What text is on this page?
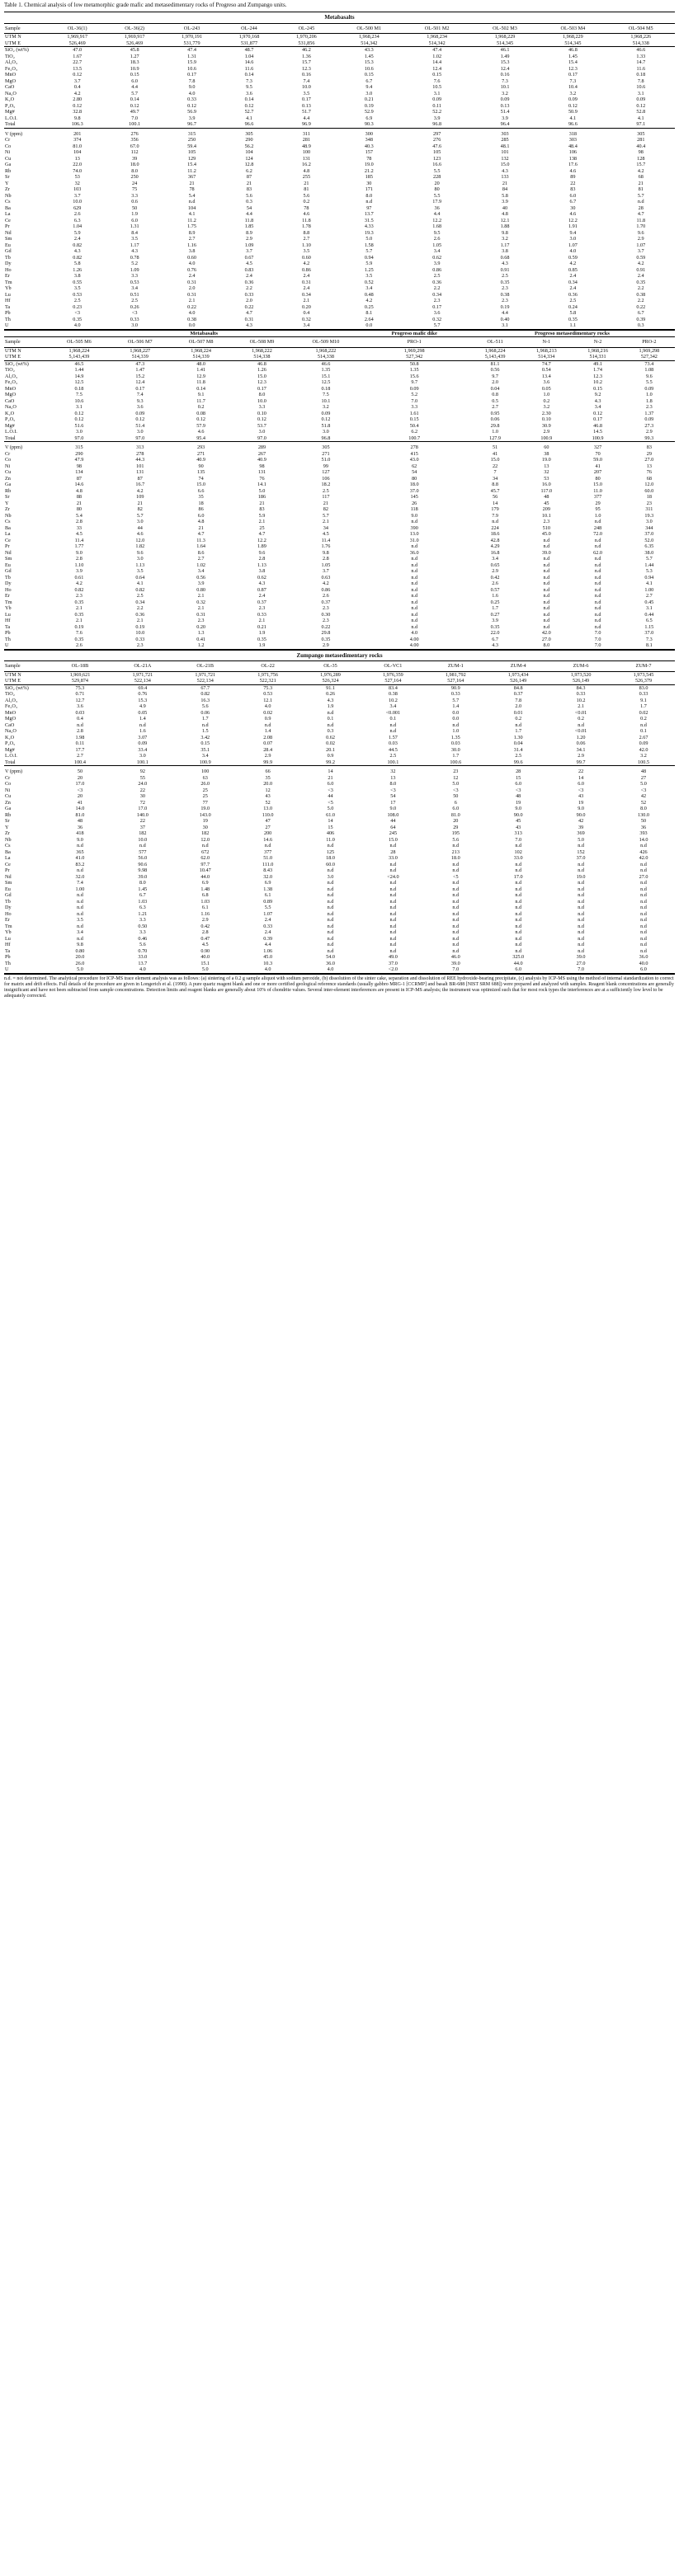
Table 1. Chemical analysis of low metamorphic grade mafic and metasedimentary rocks of Progreso and Zumpango units.
Metabasalts										
Sample	OL-36(1)	OL-36(2)	OL-243	OL-244	OL-245	OL-500 M1	OL-501 M2	OL-502 M3	OL-503 M4	OL-504 M5
UTM N	1,969,917	1,969,917	1,970,191	1,970,168	1,970,206	1,968,234	1,968,234	1,968,229	1,968,229	1,968,226
UTM E	526,469	526,469	531,779	531,877	531,856	514,342	514,342	514,345	514,345	514,338
SiO₂ (wt%)	47.0	45.8	47.4	48.7	46.2	43.3	47.4	46.1	46.8	46.6
TiO₂	1.67	1.27	1.31	1.04	1.36	1.45	1.02	1.49	1.45	1.33
Al₂O₃	22.7	18.3	15.9	14.6	15.7	15.3	14.4	15.3	15.4	14.7
Fe₂O₃	13.5	10.9	10.6	11.6	12.3	10.6	12.4	12.4	12.3	11.6
MnO	0.12	0.15	0.17	0.14	0.16	0.15	0.15	0.16	0.17	0.18
MgO	3.7	6.0	7.8	7.3	7.4	6.7	7.6	7.3	7.3	7.8
CaO	0.4	4.4	9.0	9.5	10.0	9.4	10.5	10.1	10.4	10.6
Na₂O	4.2	5.7	4.0	3.6	3.5	3.0	3.1	3.2	3.2	3.1
K₂O	2.80	0.14	0.33	0.14	0.17	0.21	0.09	0.09	0.09	0.09
P₂O₅	0.12	0.12	0.12	0.12	0.13	0.19	0.11	0.13	0.12	0.12
Mg#	32.8	49.7	56.9	52.7	51.7	52.9	52.2	51.4	50.9	52.8
L.O.I.	9.8	7.0	3.9	4.1	4.4	6.9	3.9	3.9	4.1	4.1
Total	106.3	100.1	96.7	96.6	96.9	90.3	96.8	96.4	96.6	97.1

V (ppm)	201	276	315	305	311	300	297	303	318	305
Cr	374	356	250	290	281	348	276	285	303	281
Co	81.0	67.0	59.4	56.2	48.9	40.3	47.6	48.1	48.4	40.4
Ni	104	112	105	104	100	157	105	101	106	98
Cu	13	39	129	124	131	78	123	132	138	128
Ga	22.0	18.0	15.4	12.8	16.2	19.0	16.6	15.0	17.6	15.7
Rb	74.0	8.0	11.2	6.2	4.8	21.2	5.5	4.3	4.6	4.2
Sr	53	250	367	87	255	185	228	133	89	68
Y	32	24	21	21	21	30	20	21	22	21
Zr	103	75	78	83	81	171	80	84	83	81
Nb	3.7	3.3	5.4	5.6	5.6	8.0	5.5	5.8	6.0	5.7
Cs	10.0	0.6	n.d	0.3	0.2	n.d	17.9	3.9	6.7	n.d
Ba	629	50	104	54	78	97	36	40	30	28
La	2.6	1.9	4.1	4.4	4.6	13.7	4.4	4.8	4.6	4.7
Ce	6.3	6.0	11.2	11.8	11.8	31.5	12.2	12.1	12.2	11.8
Pr	1.04	1.31	1.75	1.85	1.78	4.33	1.68	1.88	1.91	1.70
Nd	5.9	8.4	8.9	8.9	8.8	19.3	9.5	9.8	9.4	9.6
Sm	2.4	3.5	2.7	2.9	2.7	5.0	2.6	3.2	3.0	2.9
Eu	0.82	1.17	1.16	1.09	1.10	1.58	1.05	1.17	1.07	1.07
Gd	4.3	4.3	3.8	3.7	3.5	5.7	3.4	3.8	4.0	3.7
Tb	0.82	0.78	0.60	0.67	0.60	0.94	0.62	0.68	0.59	0.59
Dy	5.8	5.2	4.0	4.5	4.2	5.9	3.9	4.3	4.2	4.2
Ho	1.26	1.09	0.76	0.83	0.86	1.25	0.86	0.91	0.85	0.91
Er	3.8	3.3	2.4	2.4	2.4	3.5	2.5	2.5	2.4	2.4
Tm	0.55	0.53	0.31	0.36	0.31	0.52	0.36	0.35	0.34	0.35
Yb	3.5	3.4	2.0	2.2	2.4	3.4	2.2	2.3	2.4	2.2
Lu	0.53	0.51	0.31	0.33	0.34	0.48	0.34	0.38	0.36	0.38
Hf	2.5	2.5	2.1	2.0	2.1	4.2	2.3	2.3	2.5	2.2
Ta	0.23	0.26	0.22	0.22	0.20	0.25	0.17	0.19	0.24	0.22
Pb	<3	<3	4.0	4.7	0.4	8.1	3.6	4.4	5.8	6.7
Th	0.35	0.33	0.38	0.31	0.32	2.64	0.32	0.40	0.35	0.39
U	4.0	3.0	0.0	4.3	3.4	0.0	5.7	3.1	1.1	0.3
	Metabasalts					Progreso mafic dike	Progreso metasedimentary rocks			
Sample	OL-505 M6	OL-506 M7	OL-507 M8	OL-508 M9	OL-509 M10	PRO-1	OL-511	N-1	N-2	PRO-2
UTM N	1,968,224	1,968,227	1,968,224	1,968,222	1,968,222	1,969,298	1,968,224	1,968,213	1,968,216	1,969,298
UTM E	5,143,439	514,339	514,339	514,338	514,338	527,342	5,143,439	514,334	514,331	527,342
SiO₂ (wt%)	46.5	47.3	48.0	46.8	46.6	50.8	81.1	74.7	49.1	73.4
TiO₂	1.44	1.47	1.41	1.26	1.35	1.35	0.56	0.54	1.74	1.08
Al₂O₃	14.9	15.2	12.9	15.0	15.1	15.6	9.7	13.4	12.3	9.6
Fe₂O₃	12.5	12.4	11.8	12.3	12.5	9.7	2.0	3.6	10.2	5.5
MnO	0.18	0.17	0.14	0.17	0.18	0.09	0.04	0.05	0.15	0.09
MgO	7.5	7.4	9.1	8.0	7.5	5.2	0.8	1.0	9.2	1.0
CaO	10.6	9.3	11.7	10.0	10.1	7.0	0.5	0.2	4.3	1.8
Na₂O	3.1	3.6	0.2	3.3	3.2	3.3	2.7	3.2	3.4	2.3
K₂O	0.12	0.09	0.08	0.10	0.09	1.61	0.95	2.30	0.12	1.37
P₂O₅	0.12	0.12	0.12	0.12	0.12	0.15	0.06	0.10	0.17	0.09
Mg#	51.6	51.4	57.9	53.7	51.8	50.4	29.8	30.9	46.8	27.3
L.O.I.	3.0	3.0	4.6	3.0	3.0	6.2	1.0	2.9	14.5	2.9
Total	97.0	97.0	95.4	97.0	96.8	100.7	127.9	100.9	100.9	99.3

V (ppm)	315	313	293	289	305	278	51	60	327	83
Cr	290	278	271	267	271	415	41	38	70	29
Co	47.9	44.3	40.9	40.9	51.0	43.0	15.0	19.0	59.0	27.0
Ni	98	101	90	98	99	62	22	13	41	13
Cu	134	131	135	131	127	54	7	32	207	76
Zn	87	87	74	76	106	80	34	53	80	68
Ga	14.6	16.7	15.0	14.1	18.2	18.0	8.8	16.0	15.0	12.0
Rb	4.8	4.2	6.6	5.0	2.5	37.0	45.7	117.0	11.0	60.0
Sr	88	109	35	186	117	145	56	48	377	18
Y	21	21	18	21	21	26	14	45	29	23
Zr	80	82	86	83	82	118	179	209	95	311
Nb	5.4	5.7	6.0	5.9	5.7	9.0	7.9	10.1	1.0	19.3
Cs	2.8	3.0	4.8	2.1	2.1	n.d	n.d	2.3	n.d	3.0
Ba	33	44	21	25	34	390	224	510	248	344
La	4.5	4.6	4.7	4.7	4.5	13.0	18.6	45.0	72.0	37.0
Ce	11.4	12.0	11.3	12.2	11.4	31.0	42.8	n.d	n.d	52.0
Pr	1.77	1.82	1.64	1.89	1.76	n.d	4.29	n.d	n.d	6.35
Nd	9.0	9.6	8.6	9.6	9.8	36.0	16.8	39.0	62.0	38.0
Sm	2.8	3.0	2.7	2.8	2.8	n.d	3.4	n.d	n.d	5.7
Eu	1.10	1.13	1.02	1.13	1.05	n.d	0.65	n.d	n.d	1.44
Gd	3.9	3.5	3.4	3.8	3.7	n.d	2.9	n.d	n.d	5.3
Tb	0.61	0.64	0.56	0.62	0.63	n.d	0.42	n.d	n.d	0.94
Dy	4.2	4.1	3.9	4.3	4.2	n.d	2.6	n.d	n.d	4.1
Ho	0.82	0.82	0.80	0.87	0.86	n.d	0.57	n.d	n.d	1.00
Er	2.3	2.5	2.1	2.4	2.6	n.d	1.6	n.d	n.d	2.7
Tm	0.35	0.34	0.32	0.37	0.37	n.d	0.25	n.d	n.d	0.45
Yb	2.1	2.2	2.1	2.3	2.3	n.d	1.7	n.d	n.d	3.1
Lu	0.35	0.36	0.31	0.33	0.30	n.d	0.27	n.d	n.d	0.44
Hf	2.1	2.1	2.3	2.1	2.3	n.d	3.9	n.d	n.d	6.5
Ta	0.19	0.19	0.20	0.21	0.22	n.d	0.35	n.d	n.d	1.15
Pb	7.6	10.0	1.3	1.9	29.8	4.0	22.0	42.0	7.0	37.0
Th	0.35	0.33	0.41	0.35	0.35	4.00	6.7	27.0	7.0	7.3
U	2.6	2.3	1.2	1.9	2.9	4.00	4.3	8.0	7.0	8.1
Zumpango metasedimentary rocks										
Sample	OL-18B	OL-21A	OL-21B	OL-22	OL-35	OL-VC1	ZUM-1	ZUM-4	ZUM-6	ZUM-7
UTM N	1,969,621	1,971,721	1,971,721	1,971,756	1,976,289	1,976,359	1,981,792	1,973,434	1,973,520	1,973,545
UTM E	529,874	522,134	522,134	522,321	526,324	527,164	527,164	526,149	526,149	526,379
SiO₂ (wt%)	75.3	69.4	67.7	75.3	91.1	83.4	90.9	84.8	84.3	83.0
TiO₂	0.71	0.76	0.82	0.53	0.26	0.38	0.33	0.37	0.33	0.33
Al₂O₃	12.7	15.3	16.3	12.1	4.3	10.2	5.7	7.8	10.2	9.1
Fe₂O₃	3.6	4.9	5.6	4.0	1.9	3.4	1.4	2.0	2.1	1.7
MnO	0.03	0.05	0.06	0.02	n.d	<0.001	0.0	0.01	<0.01	0.02
MgO	0.4	1.4	1.7	0.9	0.1	0.1	0.0	0.2	0.2	0.2
CaO	n.d	n.d	n.d	n.d	n.d	n.d	n.d	n.d	n.d	n.d
Na₂O	2.8	1.6	1.5	1.4	0.3	n.d	1.0	1.7	<0.01	0.1
K₂O	1.98	3.07	3.42	2.08	0.62	1.57	1.35	1.30	1.20	2.67
P₂O₅	0.11	0.09	0.15	0.07	0.02	0.03	0.03	0.04	0.06	0.09
Mg#	17.7	33.4	35.1	28.4	20.1	44.5	30.0	31.4	34.1	42.0
L.O.I.	2.7	3.0	3.4	2.9	0.9	2.5	1.7	2.5	2.9	3.2
Total	100.4	100.1	100.9	99.9	99.2	100.1	100.6	99.6	99.7	100.5

V (ppm)	50	92	100	66	14	32	23	28	22	48
Cr	20	55	63	35	21	13	12	15	14	27
Co	17.0	24.0	26.0	20.0	6.0	8.0	5.0	6.0	6.0	5.0
Ni	<3	22	25	12	<3	<3	<3	<3	<3	<3
Cu	20	30	25	43	44	54	50	48	43	42
Zn	41	72	77	52	<5	17	6	19	19	52
Ga	14.0	17.0	19.0	13.0	5.0	9.0	6.0	9.0	9.0	8.0
Rb	81.0	140.0	143.0	110.0	61.0	108.0	81.0	90.0	90.0	130.0
Sr	48	22	19	47	14	44	20	45	42	50
Y	36	37	30	27	15	64	29	43	39	36
Zr	418	182	182	200	406	245	195	313	369	393
Nb	9.0	10.0	12.0	14.6	11.0	15.0	5.6	7.0	5.0	14.0
Cs	n.d	n.d	n.d	n.d	n.d	n.d	n.d	n.d	n.d	n.d
Ba	365	577	672	377	125	28	213	102	152	426
La	41.0	56.0	62.0	51.0	18.0	33.0	18.0	33.0	37.0	42.0
Ce	83.2	90.6	97.7	111.0	60.0	n.d	n.d	n.d	n.d	n.d
Pr	n.d	9.98	10.47	8.43	n.d	n.d	n.d	n.d	n.d	n.d
Nd	32.0	39.0	44.0	32.0	3.0	<24.0	<5	17.0	19.0	27.0
Sm	7.4	8.0	6.9	6.9	n.d	n.d	n.d	n.d	n.d	n.d
Eu	1.00	1.45	1.48	1.38	n.d	n.d	n.d	n.d	n.d	n.d
Gd	n.d	6.7	6.8	6.1	n.d	n.d	n.d	n.d	n.d	n.d
Tb	n.d	1.03	1.03	0.89	n.d	n.d	n.d	n.d	n.d	n.d
Dy	n.d	6.3	6.1	5.5	n.d	n.d	n.d	n.d	n.d	n.d
Ho	n.d	1.21	1.16	1.07	n.d	n.d	n.d	n.d	n.d	n.d
Er	3.5	3.3	2.9	2.4	n.d	n.d	n.d	n.d	n.d	n.d
Tm	n.d	0.50	0.42	0.33	n.d	n.d	n.d	n.d	n.d	n.d
Yb	3.4	3.3	2.8	2.4	n.d	n.d	n.d	n.d	n.d	n.d
Lu	n.d	0.46	0.47	0.39	n.d	n.d	n.d	n.d	n.d	n.d
Hf	9.8	5.6	4.5	4.4	n.d	n.d	n.d	n.d	n.d	n.d
Ta	0.80	0.70	0.90	1.06	n.d	n.d	n.d	n.d	n.d	n.d
Pb	20.0	33.0	40.0	45.0	54.0	49.0	46.0	325.0	39.0	36.0
Th	26.0	13.7	15.1	10.3	36.0	37.0	39.0	44.0	27.0	40.0
U	5.0	4.0	5.0	4.0	4.0	<2.0	7.0	6.0	7.0	6.0
n.d. = not determined. The analytical procedure for ICP-MS trace element analysis was as follows: (a) sintering of a 0.2 g sample aliquot with sodium peroxide, (b) dissolution of the sinter cake, separation and dissolution of REE hydroxide-bearing precipitate, (c) analysis by ICP-MS using the method of internal standardization to correct for matrix and drift effects. Full details of the procedure are given in Longerich et al. (1990). A pure quartz reagent blank and one or more certified geological reference standards (usually gabbro MRG-1 [CCRMP] and basalt BR-688 [NIST SRM 688]) were prepared and analyzed with samples. Reagent blank concentrations are generally insignificant and have not been subtracted from sample concentrations. Detection limits and reagent blanks are generally about 10% of chondrite values. Several inter-element interferences are present in ICP-MS analysis; the instrument was optimized such that for most rock types the interferences are at a sufficiently low level to be adequately corrected.
